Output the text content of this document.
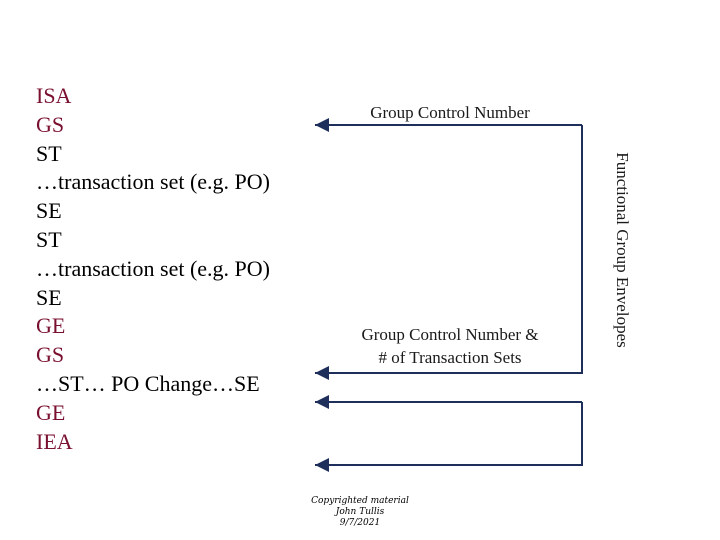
ISA
GS
ST
…transaction set (e.g. PO)
SE
ST
…transaction set (e.g. PO)
SE
GE
GS
…ST… PO Change…SE
GE
IEA
Group Control Number
Group Control Number &
# of Transaction Sets
Functional Group Envelopes
Copyrighted material
John Tullis
9/7/2021
